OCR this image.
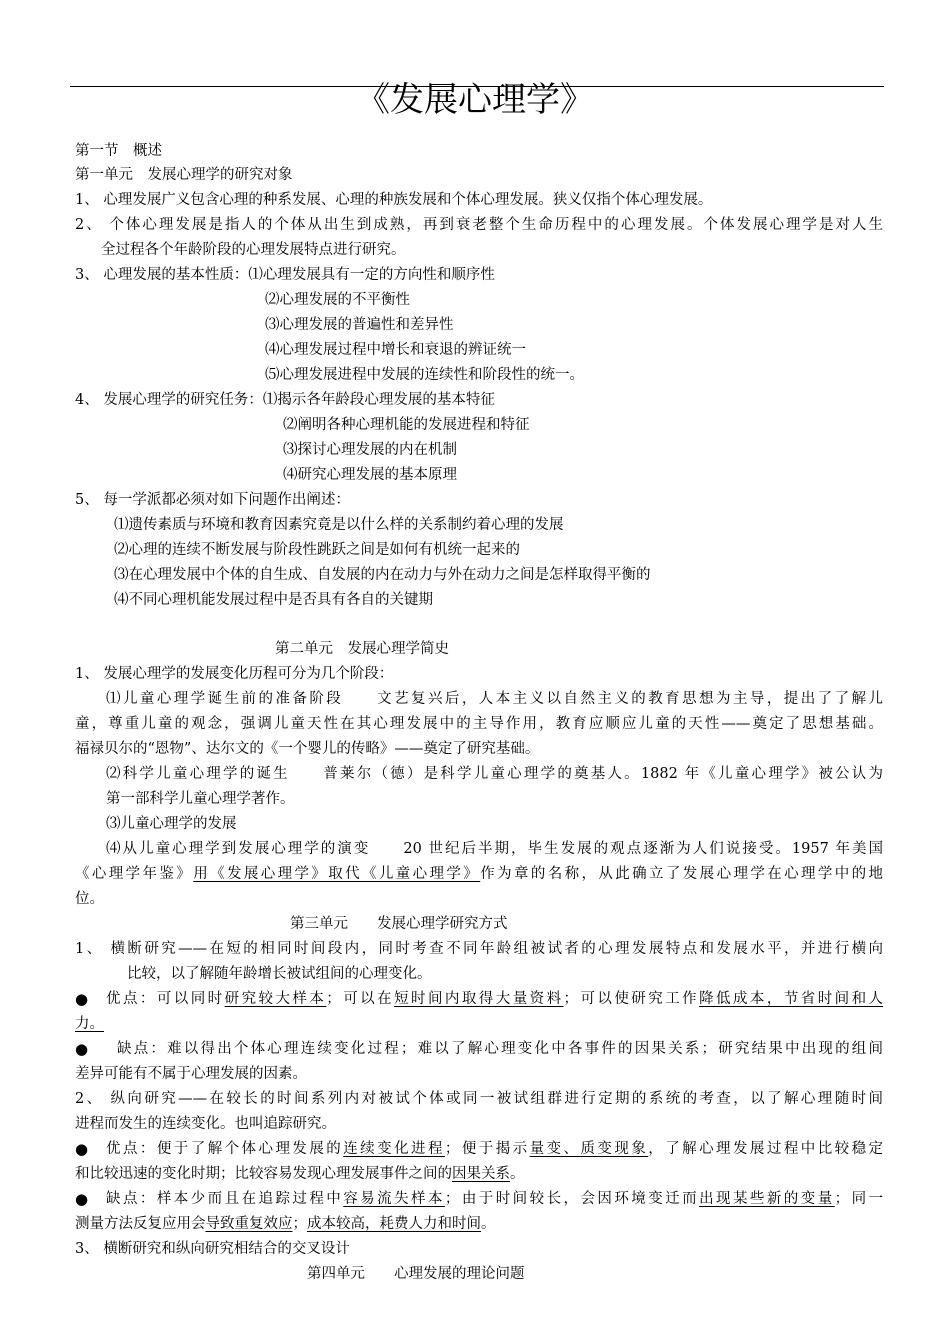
《发展心理学》
第一节　概述
第一单元　发展心理学的研究对象
1、 心理发展广义包含心理的种系发展、心理的种族发展和个体心理发展。狭义仅指个体心理发展。
2、 个体心理发展是指人的个体从出生到成熟，再到衰老整个生命历程中的心理发展。个体发展心理学是对人生
全过程各个年龄阶段的心理发展特点进行研究。
3、 心理发展的基本性质：⑴心理发展具有一定的方向性和顺序性
⑵心理发展的不平衡性
⑶心理发展的普遍性和差异性
⑷心理发展过程中增长和衰退的辨证统一
⑸心理发展进程中发展的连续性和阶段性的统一。
4、 发展心理学的研究任务：⑴揭示各年龄段心理发展的基本特征
⑵阐明各种心理机能的发展进程和特征
⑶探讨心理发展的内在机制
⑷研究心理发展的基本原理
5、 每一学派都必须对如下问题作出阐述：
⑴遗传素质与环境和教育因素究竟是以什么样的关系制约着心理的发展
⑵心理的连续不断发展与阶段性跳跃之间是如何有机统一起来的
⑶在心理发展中个体的自生成、自发展的内在动力与外在动力之间是怎样取得平衡的
⑷不同心理机能发展过程中是否具有各自的关键期
第二单元　发展心理学简史
1、 发展心理学的发展变化历程可分为几个阶段：
⑴儿童心理学诞生前的准备阶段　　文艺复兴后，人本主义以自然主义的教育思想为主导，提出了了解儿
童，尊重儿童的观念，强调儿童天性在其心理发展中的主导作用，教育应顺应儿童的天性——奠定了思想基础。
福禄贝尔的“恩物”、达尔文的《一个婴儿的传略》——奠定了研究基础。
⑵科学儿童心理学的诞生　　普莱尔（德）是科学儿童心理学的奠基人。1882 年《儿童心理学》被公认为
第一部科学儿童心理学著作。
⑶儿童心理学的发展
⑷从儿童心理学到发展心理学的演变　　20 世纪后半期，毕生发展的观点逐渐为人们说接受。1957 年美国
《心理学年鉴》用《发展心理学》取代《儿童心理学》作为章的名称，从此确立了发展心理学在心理学中的地
位。
第三单元　　发展心理学研究方式
1、 横断研究——在短的相同时间段内，同时考查不同年龄组被试者的心理发展特点和发展水平，并进行横向
比较，以了解随年龄增长被试组间的心理变化。
● 优点：可以同时研究较大样本；可以在短时间内取得大量资料；可以使研究工作降低成本，节省时间和人
力。
● 缺点：难以得出个体心理连续变化过程；难以了解心理变化中各事件的因果关系；研究结果中出现的组间
差异可能有不属于心理发展的因素。
2、 纵向研究——在较长的时间系列内对被试个体或同一被试组群进行定期的系统的考查，以了解心理随时间
进程而发生的连续变化。也叫追踪研究。
● 优点：便于了解个体心理发展的连续变化进程；便于揭示量变、质变现象，了解心理发展过程中比较稳定
和比较迅速的变化时期；比较容易发现心理发展事件之间的因果关系。
● 缺点：样本少而且在追踪过程中容易流失样本；由于时间较长，会因环境变迁而出现某些新的变量；同一
测量方法反复应用会导致重复效应；成本较高，耗费人力和时间。
3、 横断研究和纵向研究相结合的交叉设计
第四单元　　心理发展的理论问题
